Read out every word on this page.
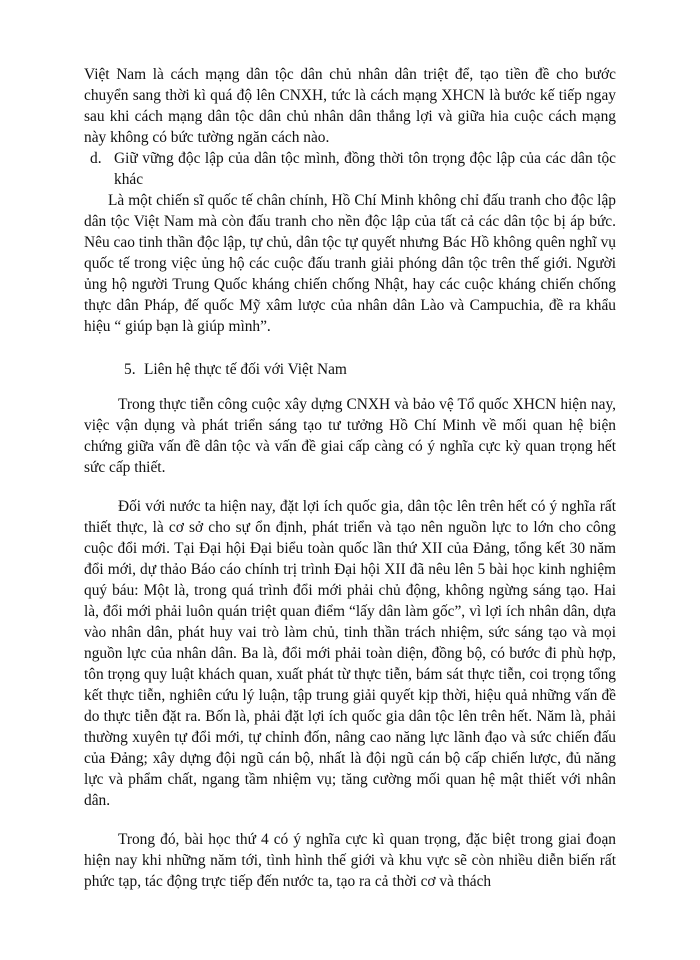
Việt Nam là cách mạng dân tộc dân chủ nhân dân triệt để, tạo tiền đề cho bước chuyển sang thời kì quá độ lên CNXH, tức là cách mạng XHCN là bước kế tiếp ngay sau khi cách mạng dân tộc dân chủ nhân dân thắng lợi và giữa hia cuộc cách mạng này không có bức tường ngăn cách nào.

d. Giữ vững độc lập của dân tộc mình, đồng thời tôn trọng độc lập của các dân tộc khác

Là một chiến sĩ quốc tế chân chính, Hồ Chí Minh không chỉ đấu tranh cho độc lập dân tộc Việt Nam mà còn đấu tranh cho nền độc lập của tất cả các dân tộc bị áp bức. Nêu cao tinh thần độc lập, tự chủ, dân tộc tự quyết nhưng Bác Hồ không quên nghĩ vụ quốc tế trong việc ủng hộ các cuộc đấu tranh giải phóng dân tộc trên thế giới. Người ủng hộ người Trung Quốc kháng chiến chống Nhật, hay các cuộc kháng chiến chống thực dân Pháp, đế quốc Mỹ xâm lược của nhân dân Lào và Campuchia, đề ra khẩu hiệu “ giúp bạn là giúp mình”.

5. Liên hệ thực tế đối với Việt Nam

Trong thực tiễn công cuộc xây dựng CNXH và bảo vệ Tổ quốc XHCN hiện nay, việc vận dụng và phát triển sáng tạo tư tưởng Hồ Chí Minh về mối quan hệ biện chứng giữa vấn đề dân tộc và vấn đề giai cấp càng có ý nghĩa cực kỳ quan trọng hết sức cấp thiết.

Đối với nước ta hiện nay, đặt lợi ích quốc gia, dân tộc lên trên hết có ý nghĩa rất thiết thực, là cơ sở cho sự ổn định, phát triển và tạo nên nguồn lực to lớn cho công cuộc đổi mới. Tại Đại hội Đại biểu toàn quốc lần thứ XII của Đảng, tổng kết 30 năm đổi mới, dự thảo Báo cáo chính trị trình Đại hội XII đã nêu lên 5 bài học kinh nghiệm quý báu: Một là, trong quá trình đổi mới phải chủ động, không ngừng sáng tạo. Hai là, đổi mới phải luôn quán triệt quan điểm “lấy dân làm gốc”, vì lợi ích nhân dân, dựa vào nhân dân, phát huy vai trò làm chủ, tinh thần trách nhiệm, sức sáng tạo và mọi nguồn lực của nhân dân. Ba là, đổi mới phải toàn diện, đồng bộ, có bước đi phù hợp, tôn trọng quy luật khách quan, xuất phát từ thực tiễn, bám sát thực tiễn, coi trọng tổng kết thực tiễn, nghiên cứu lý luận, tập trung giải quyết kịp thời, hiệu quả những vấn đề do thực tiễn đặt ra. Bốn là, phải đặt lợi ích quốc gia dân tộc lên trên hết. Năm là, phải thường xuyên tự đổi mới, tự chỉnh đốn, nâng cao năng lực lãnh đạo và sức chiến đấu của Đảng; xây dựng đội ngũ cán bộ, nhất là đội ngũ cán bộ cấp chiến lược, đủ năng lực và phẩm chất, ngang tầm nhiệm vụ; tăng cường mối quan hệ mật thiết với nhân dân.

Trong đó, bài học thứ 4 có ý nghĩa cực kì quan trọng, đặc biệt trong giai đoạn hiện nay khi những năm tới, tình hình thế giới và khu vực sẽ còn nhiều diễn biến rất phức tạp, tác động trực tiếp đến nước ta, tạo ra cả thời cơ và thách
